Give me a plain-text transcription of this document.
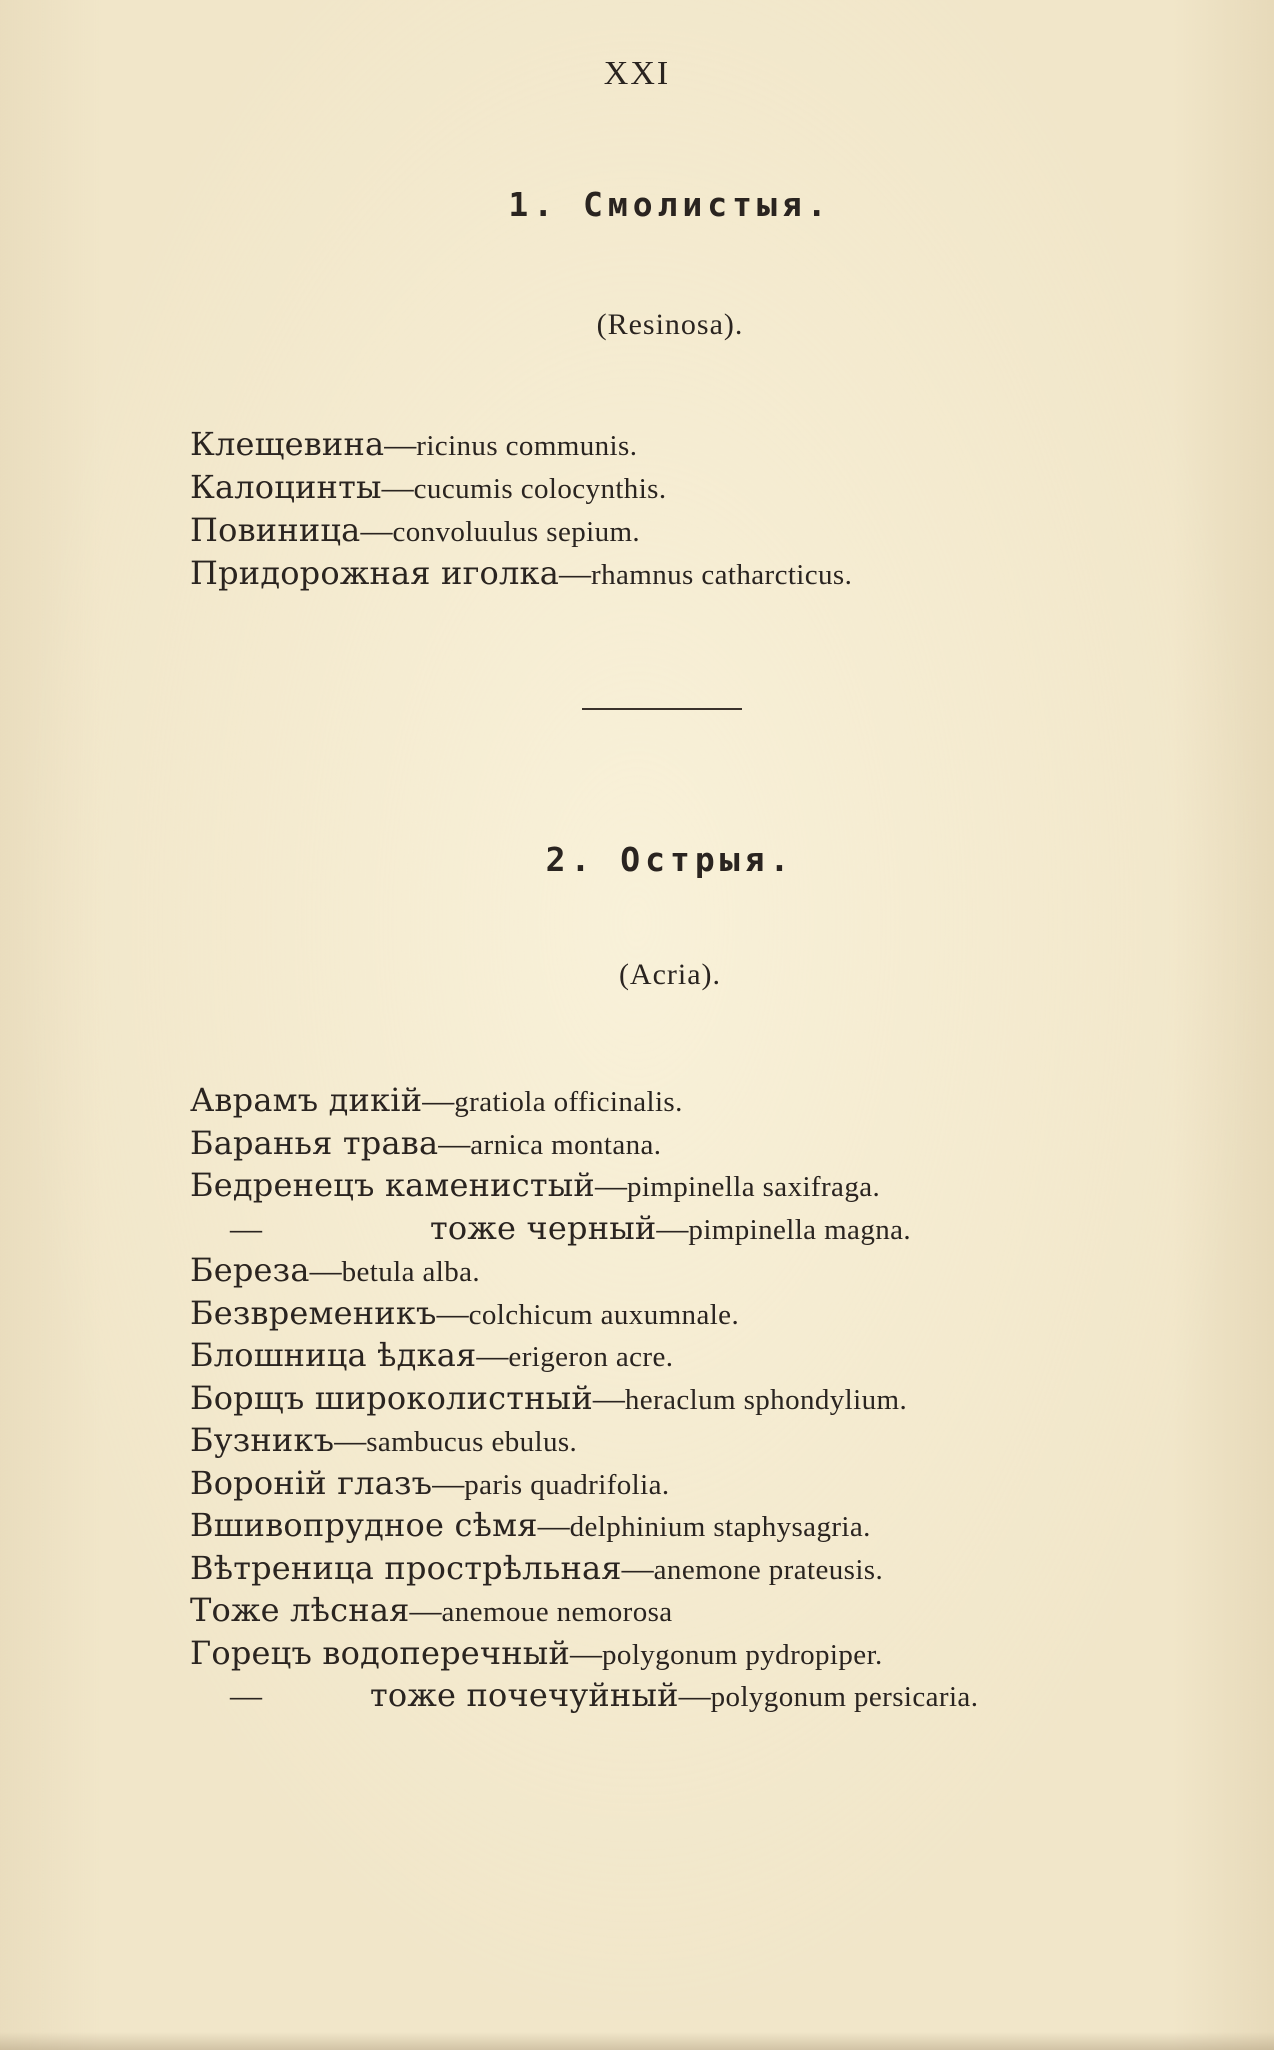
XXI
1. Смолистыя.
(Resinosa).
Клещевина—ricinus communis.
Калоцинты—cucumis colocynthis.
Повиница—convoluulus sepium.
Придорожная иголка—rhamnus catharcticus.
2. Острыя.
(Acria).
Аврамъ дикій—gratiola officinalis.
Баранья трава—arnica montana.
Бедренецъ каменистый—pimpinella saxifraga.
—	тоже черный—pimpinella magna.
Береза—betula alba.
Безвременикъ—colchicum auxumnale.
Блошница ѣдкая—erigeron acre.
Борщъ широколистный—heraclum sphondylium.
Бузникъ—sambucus ebulus.
Вороній глазъ—paris quadrifolia.
Вшивопрудное сѣмя—delphinium staphysagria.
Вѣтреница прострѣльная—anemone prateusis.
Тоже лѣсная—anemoue nemorosa
Горецъ водоперечный—polygonum pydropiper.
—	тоже почечуйный—polygonum persicaria.
